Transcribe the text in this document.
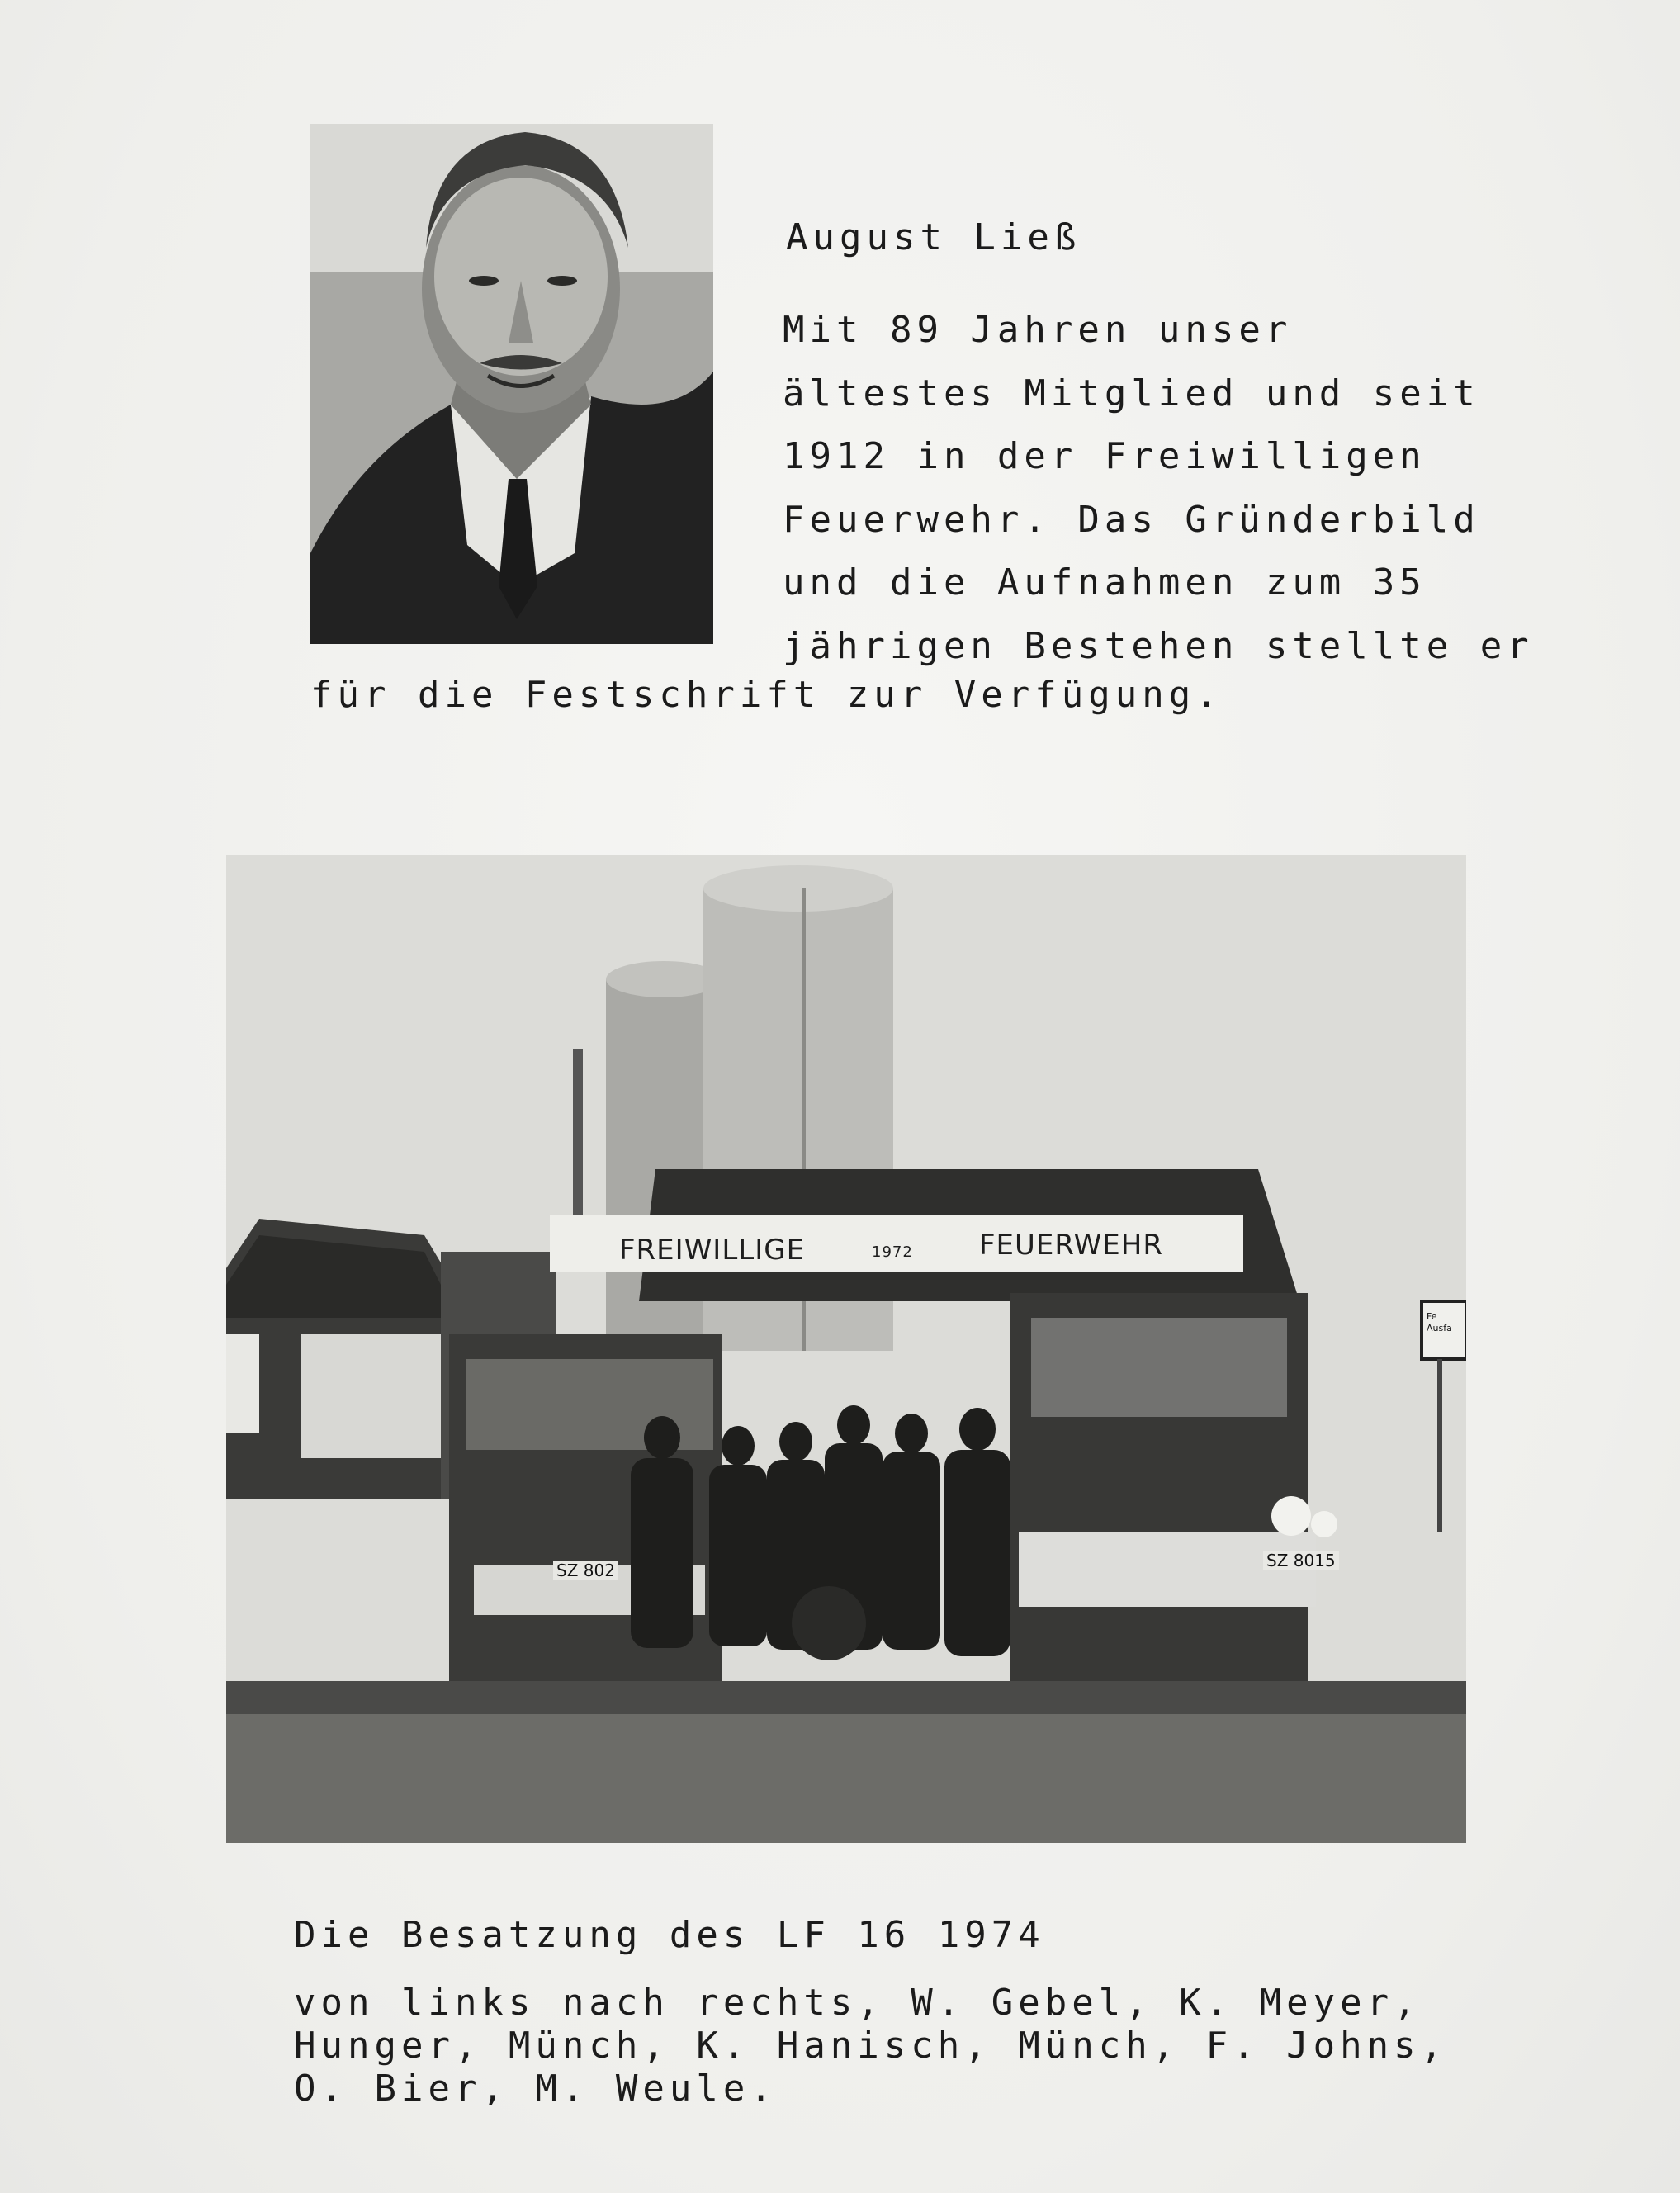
August Ließ
Mit 89 Jahren unser
ältestes Mitglied und seit
1912 in der Freiwilligen
Feuerwehr. Das Gründerbild
und die Aufnahmen zum 35
jährigen Bestehen stellte er
für die Festschrift zur Verfügung.
FREIWILLIGE	1972 FEUERWEHR
SZ 802	SZ 8015
Fe Ausfa
Die Besatzung des LF 16 1974
von links nach rechts, W. Gebel, K. Meyer,
Hunger, Münch, K. Hanisch, Münch, F. Johns,
O. Bier, M. Weule.
